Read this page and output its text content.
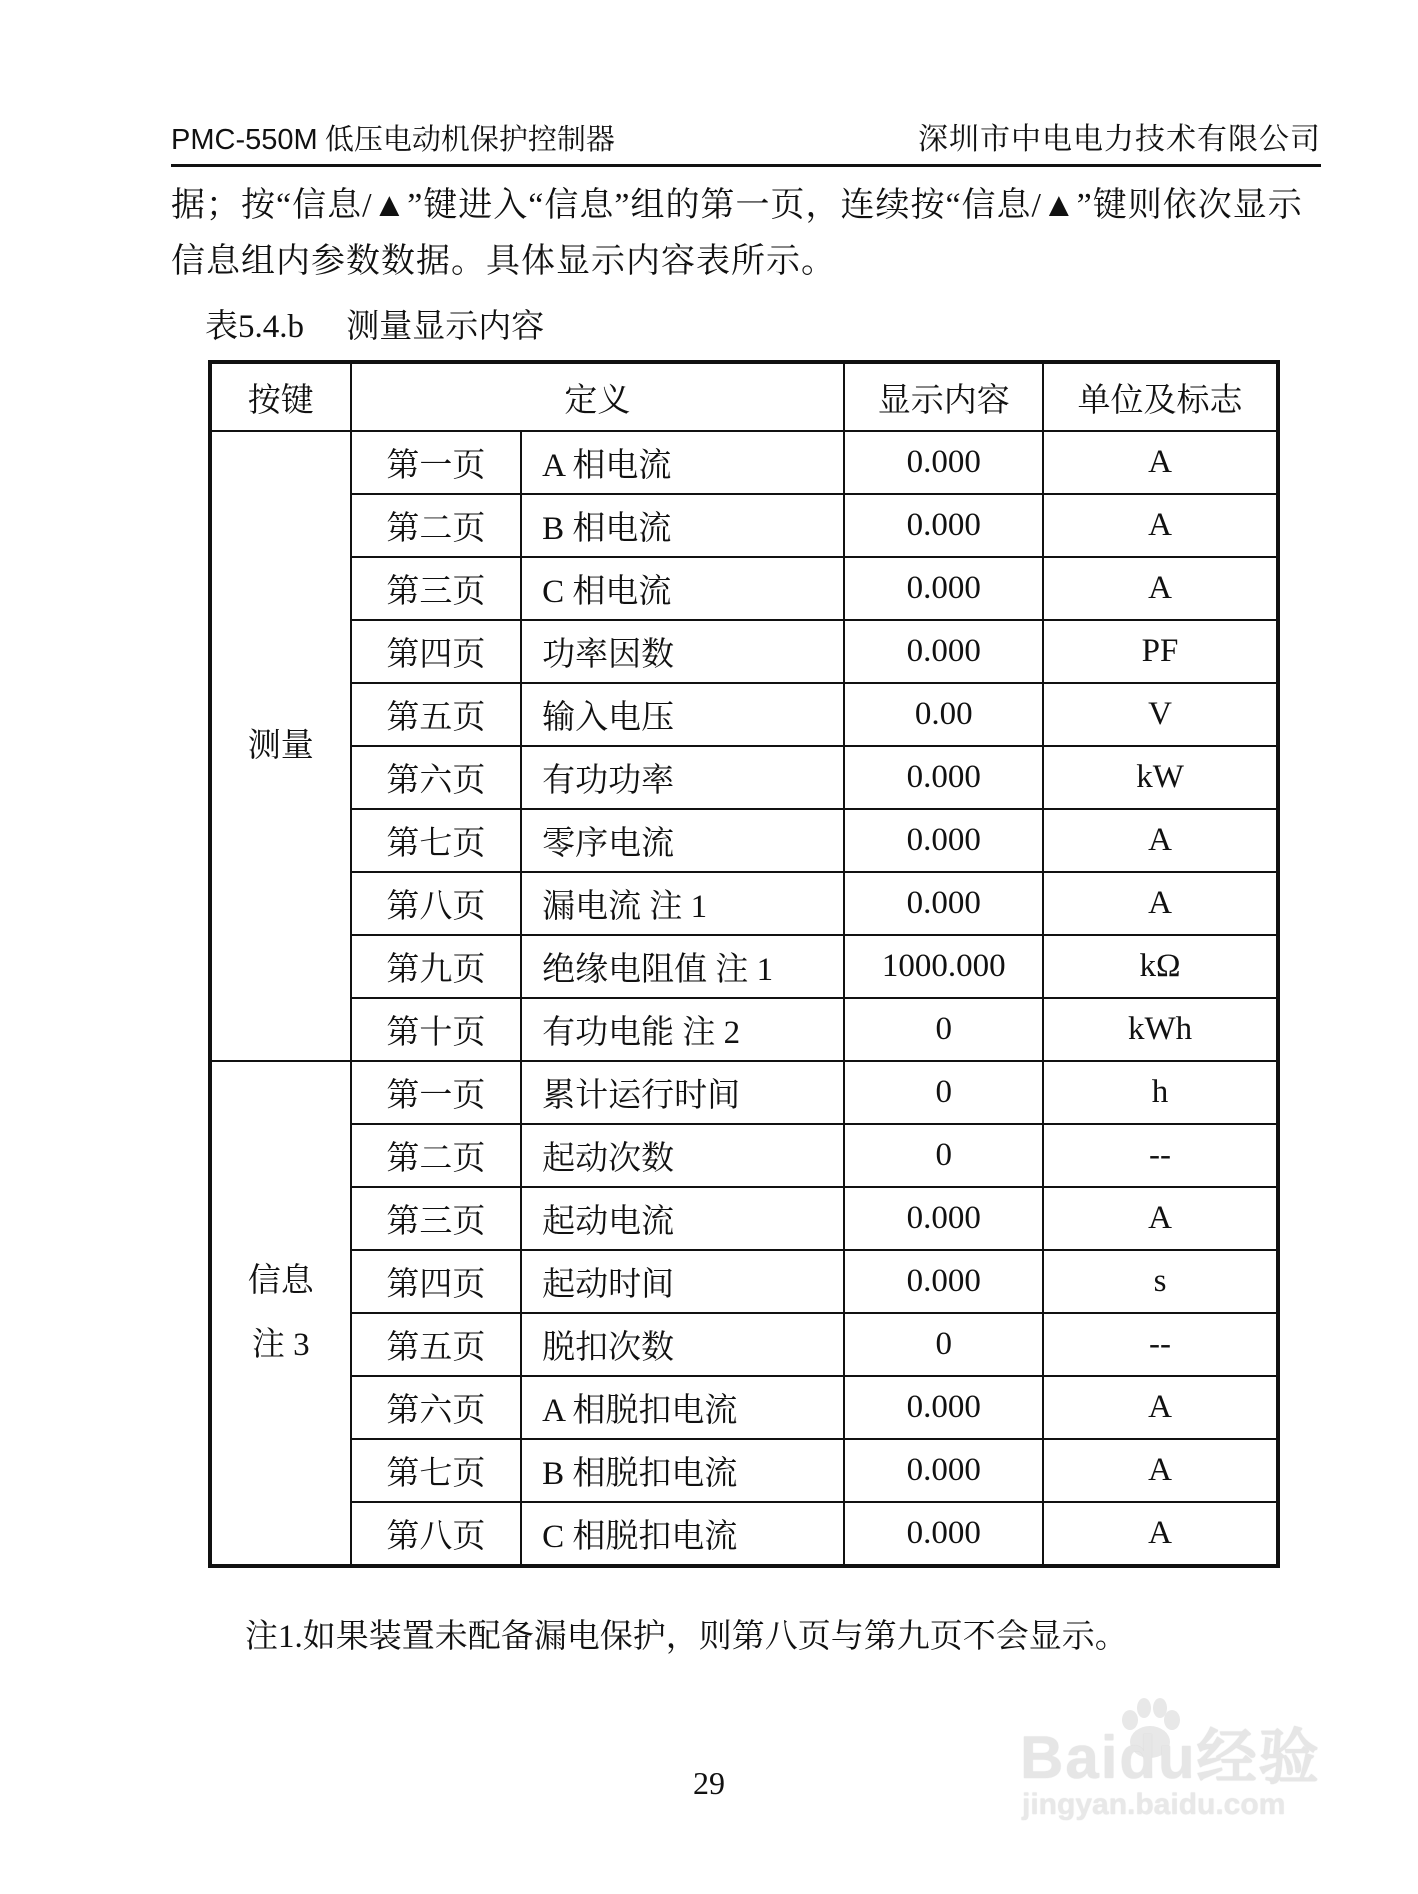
PMC-550M 低压电动机保护控制器	深圳市中电电力技术有限公司
据；按“信息/▲”键进入“信息”组的第一页，连续按“信息/▲”键则依次显示
信息组内参数数据。具体显示内容表所示。
表5.4.b 测量显示内容
按键	定义		显示内容	单位及标志

测量	第一页	A 相电流	0.000	A
	第二页	B 相电流	0.000	A
	第三页	C 相电流	0.000	A
	第四页	功率因数	0.000	PF
	第五页	输入电压	0.00	V
	第六页	有功功率	0.000	kW
	第七页	零序电流	0.000	A
	第八页	漏电流 注 1	0.000	A
	第九页	绝缘电阻值 注 1	1000.000	kΩ
	第十页	有功电能 注 2	0	kWh

信息
注 3	第一页	累计运行时间	0	h
	第二页	起动次数	0	--
	第三页	起动电流	0.000	A
	第四页	起动时间	0.000	s
	第五页	脱扣次数	0	--
	第六页	A 相脱扣电流	0.000	A
	第七页	B 相脱扣电流	0.000	A
	第八页	C 相脱扣电流	0.000	A
注1.如果装置未配备漏电保护，则第八页与第九页不会显示。
29	Baidu经验
jingyan.baidu.com
